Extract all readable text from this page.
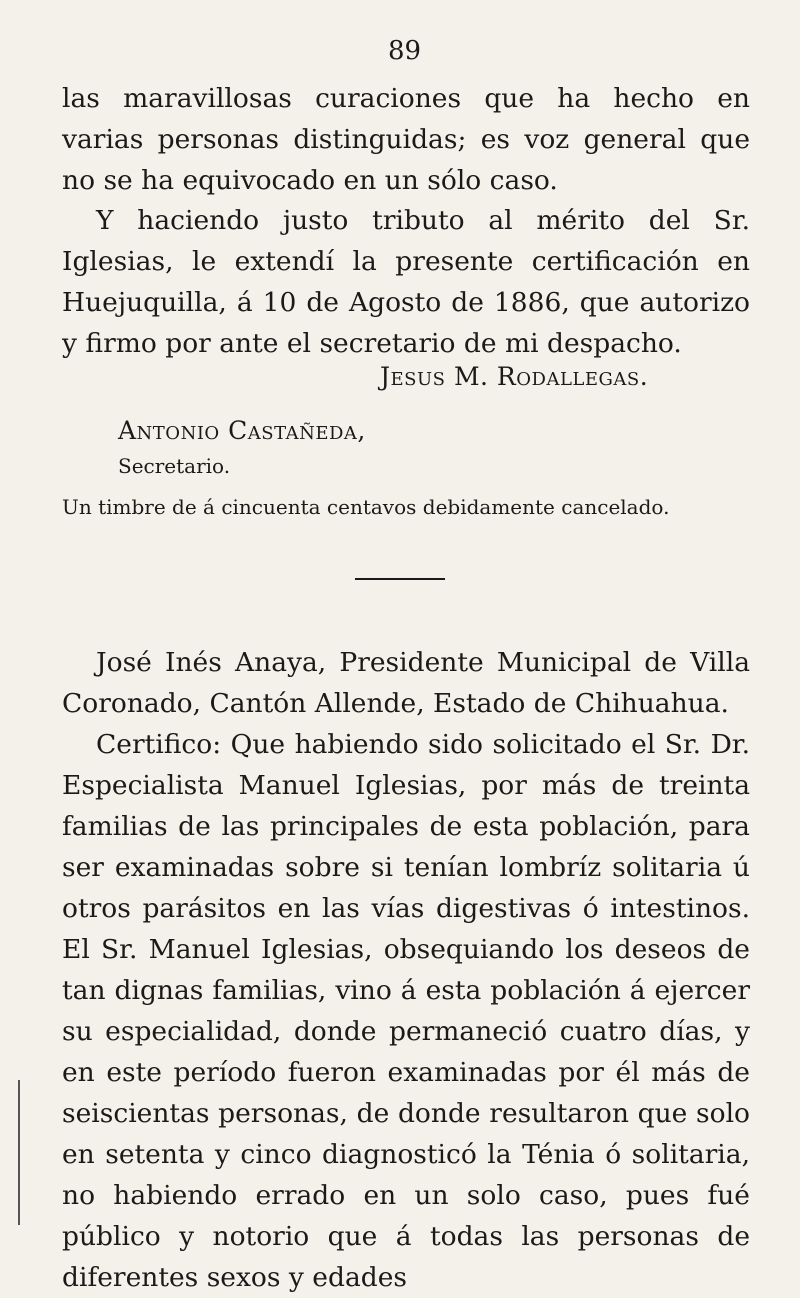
89

las maravillosas curaciones que ha hecho en varias personas distinguidas; es voz general que no se ha equivocado en un sólo caso.

Y haciendo justo tributo al mérito del Sr. Iglesias, le extendí la presente certificación en Huejuquilla, á 10 de Agosto de 1886, que autorizo y firmo por ante el secretario de mi despacho.

Jesus M. Rodallegas.
Antonio Castañeda,
Secretario.
Un timbre de á cincuenta centavos debidamente cancelado.

José Inés Anaya, Presidente Municipal de Villa Coronado, Cantón Allende, Estado de Chihuahua.

Certifico: Que habiendo sido solicitado el Sr. Dr. Especialista Manuel Iglesias, por más de treinta familias de las principales de esta población, para ser examinadas sobre si tenían lombríz solitaria ú otros parásitos en las vías digestivas ó intestinos. El Sr. Manuel Iglesias, obsequiando los deseos de tan dignas familias, vino á esta población á ejercer su especialidad, donde permaneció cuatro días, y en este período fueron examinadas por él más de seiscientas personas, de donde resultaron que solo en setenta y cinco diagnosticó la Ténia ó solitaria, no habiendo errado en un solo caso, pues fué público y notorio que á todas las personas de diferentes sexos y edades
